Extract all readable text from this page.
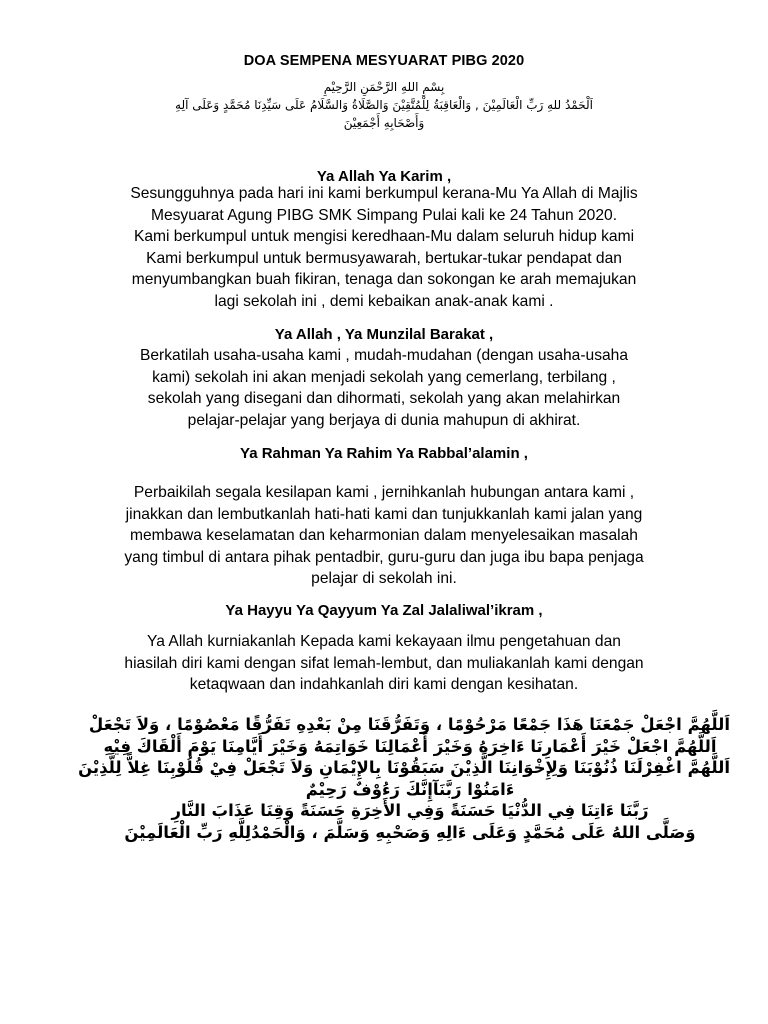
DOA SEMPENA MESYUARAT PIBG 2020
بِسْمِ اللهِ الرَّحْمَنِ الرَّحِيْمِ
اَلْحَمْدُ للهِ رَبِّ الْعَالَمِيْنَ , وَالْعَاقِبَةُ لِلْمُتَّقِيْنَ وَالصَّلَاةُ وَالسَّلَامُ عَلَى سَيِّدِنَا مُحَمَّدٍ وَعَلَى آلِهِ
وَأَصْحَابِهِ أَجْمَعِيْنَ
Ya Allah Ya Karim ,
Sesungguhnya pada hari ini kami berkumpul kerana-Mu Ya Allah di Majlis
Mesyuarat Agung PIBG SMK Simpang Pulai kali ke 24 Tahun 2020.
Kami berkumpul untuk mengisi keredhaan-Mu dalam seluruh hidup kami
Kami berkumpul untuk bermusyawarah, bertukar-tukar pendapat dan
menyumbangkan buah fikiran, tenaga dan sokongan ke arah memajukan
lagi sekolah ini , demi kebaikan anak-anak kami .
Ya Allah , Ya Munzilal Barakat ,
Berkatilah usaha-usaha kami , mudah-mudahan (dengan usaha-usaha
kami) sekolah ini akan menjadi sekolah yang cemerlang, terbilang ,
sekolah yang disegani dan dihormati, sekolah yang akan melahirkan
pelajar-pelajar yang berjaya di dunia mahupun di akhirat.
Ya Rahman Ya Rahim Ya Rabbal’alamin ,
Perbaikilah segala kesilapan kami , jernihkanlah hubungan antara kami ,
jinakkan dan lembutkanlah hati-hati kami dan tunjukkanlah kami jalan yang
membawa keselamatan dan keharmonian dalam menyelesaikan masalah
yang timbul di antara pihak pentadbir, guru-guru dan juga ibu bapa penjaga
pelajar di sekolah ini.
Ya Hayyu Ya Qayyum Ya Zal Jalaliwal’ikram ,
Ya Allah kurniakanlah Kepada kami kekayaan ilmu pengetahuan dan
hiasilah diri kami dengan sifat lemah-lembut, dan muliakanlah kami dengan
ketaqwaan dan indahkanlah diri kami dengan kesihatan.
اَللَّهُمَّ اجْعَلْ جَمْعَنَا هَذَا جَمْعًا مَرْحُوْمًا ، وَتَفَرُّقَنَا مِنْ بَعْدِهِ تَفَرُّقًا مَعْصُوْمًا ، وَلاَ تَجْعَلْ
اَللَّهُمَّ اجْعَلْ خَيْرَ أَعْمَارِنَا ءَاخِرَهُ وَخَيْرَ أَعْمَالِنَا خَوَاتِمَهُ وَخَيْرَ أَيَّامِنَا يَوْمَ أَلْقَاكَ فِيْهِ
اَللَّهُمَّ اغْفِرْلَنَا ذُنُوْبَنَا وَلِإِخْوَانِنَا الَّذِيْنَ سَبَقُوْنَا بِالإِيْمَانِ وَلاَ تَجْعَلْ فِيْ قُلُوْبِنَا غِلاًّ لِلَّذِيْنَ
ءَامَنُوْا رَبَّنَآإِنَّكَ رَءُوْفٌ رَحِيْمٌ
رَبَّنَا ءَاتِنَا فِي الدُّنْيَا حَسَنَةً وَفِي الأَخِرَةِ حَسَنَةً وَقِنَا عَذَابَ النَّارِ
وَصَلَّى اللهُ عَلَى مُحَمَّدٍ وَعَلَى ءَالِهِ وَصَحْبِهِ وَسَلَّمَ ، وَالْحَمْدُلِلَّهِ رَبِّ الْعَالَمِيْنَ
